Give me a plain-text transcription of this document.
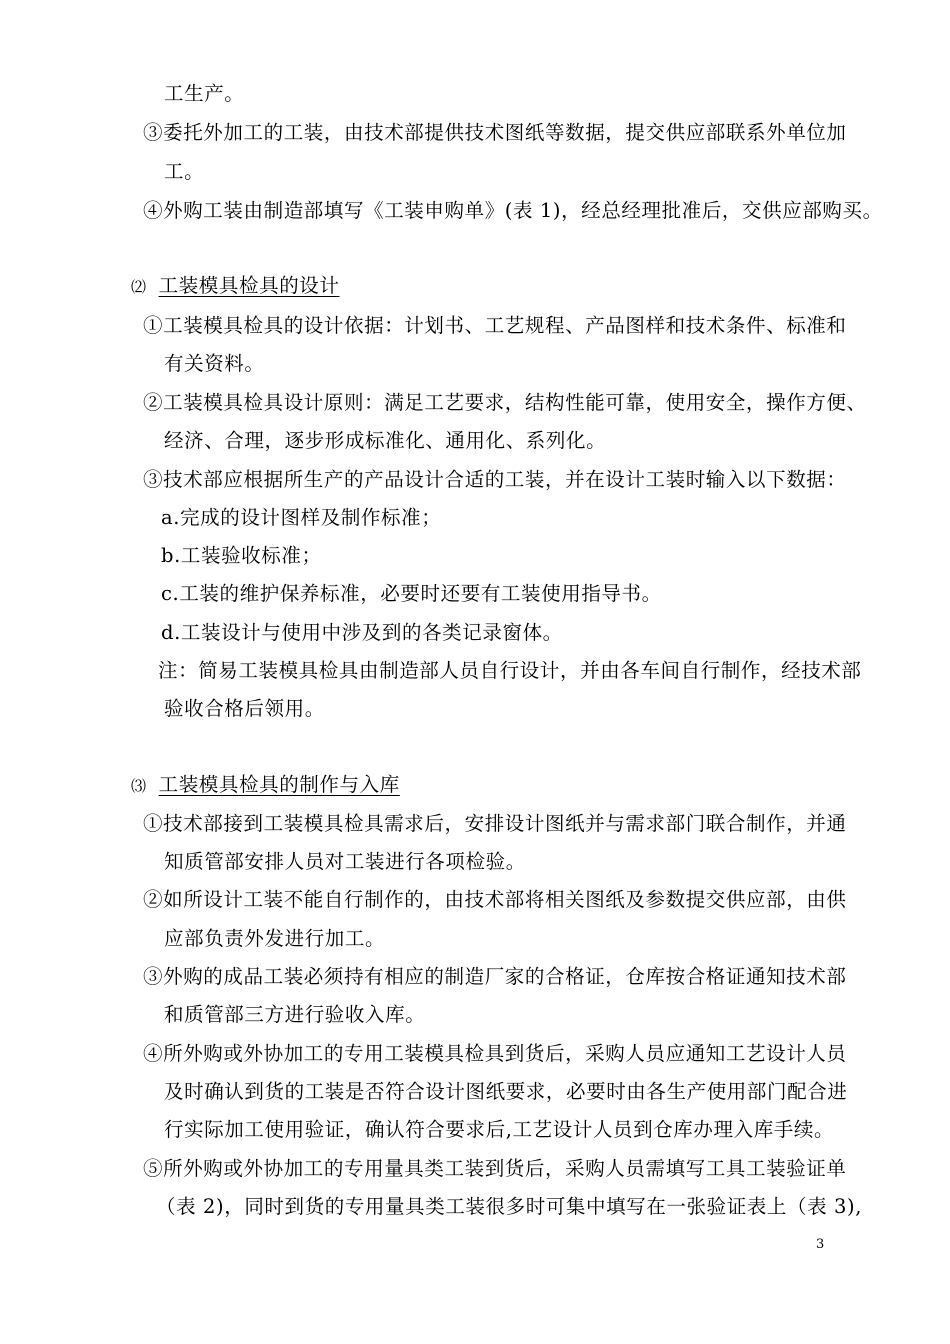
工生产。
③委托外加工的工装，由技术部提供技术图纸等数据，提交供应部联系外单位加
工。
④外购工装由制造部填写《工装申购单》(表 1)，经总经理批准后，交供应部购买。
⑵ 工装模具检具的设计
①工装模具检具的设计依据：计划书、工艺规程、产品图样和技术条件、标准和
有关资料。
②工装模具检具设计原则：满足工艺要求，结构性能可靠，使用安全，操作方便、
经济、合理，逐步形成标准化、通用化、系列化。
③技术部应根据所生产的产品设计合适的工装，并在设计工装时输入以下数据：
a.完成的设计图样及制作标准；
b.工装验收标准；
c.工装的维护保养标准，必要时还要有工装使用指导书。
d.工装设计与使用中涉及到的各类记录窗体。
注：简易工装模具检具由制造部人员自行设计，并由各车间自行制作，经技术部
验收合格后领用。
⑶ 工装模具检具的制作与入库
①技术部接到工装模具检具需求后，安排设计图纸并与需求部门联合制作，并通
知质管部安排人员对工装进行各项检验。
②如所设计工装不能自行制作的，由技术部将相关图纸及参数提交供应部，由供
应部负责外发进行加工。
③外购的成品工装必须持有相应的制造厂家的合格证，仓库按合格证通知技术部
和质管部三方进行验收入库。
④所外购或外协加工的专用工装模具检具到货后，采购人员应通知工艺设计人员
及时确认到货的工装是否符合设计图纸要求，必要时由各生产使用部门配合进
行实际加工使用验证，确认符合要求后,工艺设计人员到仓库办理入库手续。
⑤所外购或外协加工的专用量具类工装到货后，采购人员需填写工具工装验证单
（表 2)，同时到货的专用量具类工装很多时可集中填写在一张验证表上（表 3),
3
